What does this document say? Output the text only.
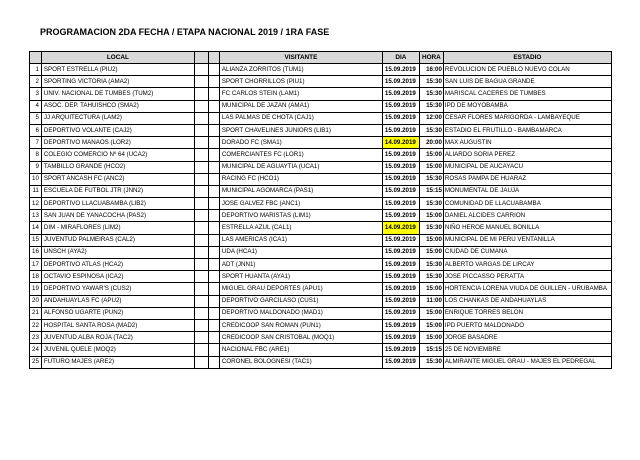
PROGRAMACION 2DA FECHA / ETAPA NACIONAL 2019 / 1RA FASE
	LOCAL			VISITANTE	DIA	HORA	ESTADIO
1	SPORT ESTRELLA (PIU2)			ALIANZA ZORRITOS (TUM1)	15.09.2019	16:00	REVOLUCION DE PUEBLO NUEVO COLAN
2	SPORTING VICTORIA (AMA2)			SPORT CHORRILLOS (PIU1)	15.09.2019	15:30	SAN LUIS DE BAGUA GRANDE
3	UNIV. NACIONAL DE TUMBES (TUM2)			FC CARLOS STEIN (LAM1)	15.09.2019	15:30	MARISCAL CACERES DE TUMBES
4	ASOC. DEP. TAHUISHCO (SMA2)			MUNICIPAL DE JAZAN (AMA1)	15.09.2019	15:30	IPD DE MOYOBAMBA
5	JJ ARQUITECTURA (LAM2)			LAS PALMAS DE CHOTA (CAJ1)	15.09.2019	12:00	CESAR FLORES MARIGORDA - LAMBAYEQUE
6	DEPORTIVO VOLANTE (CAJ2)			SPORT CHAVELINES JUNIORS (LIB1)	15.09.2019	15:30	ESTADIO EL FRUTILLO - BAMBAMARCA
7	DEPORTIVO MANAOS (LOR2)			DORADO FC (SMA1)	14.09.2019	20:00	MAX AUGUSTIN
8	COLEGIO COMERCIO Nº 64 (UCA2)			COMERCIANTES FC (LOR1)	15.09.2019	15:00	ALIARDO SORIA PEREZ
9	TAMBILLO GRANDE (HCO2)			MUNICIPAL DE AGUAYTIA (UCA1)	15.09.2019	15:00	MUNICIPAL DE AUCAYACU
10	SPORT ANCASH FC (ANC2)			RACING FC (HCO1)	15.09.2019	15:30	ROSAS PAMPA DE HUARAZ
11	ESCUELA DE FUTBOL JTR (JNN2)			MUNICIPAL AGOMARCA (PAS1)	15.09.2019	15:15	MONUMENTAL DE JAUJA
12	DEPORTIVO LLACUABAMBA (LIB2)			JOSE GALVEZ FBC (ANC1)	15.09.2019	15:30	COMUNIDAD DE LLACUABAMBA
13	SAN JUAN DE YANACOCHA (PAS2)			DEPORTIVO MARISTAS (LIM1)	15.09.2019	15:00	DANIEL ALCIDES CARRION
14	DIM - MIRAFLORES (LIM2)			ESTRELLA AZUL (CAL1)	14.09.2019	15:30	NIÑO HEROE MANUEL BONILLA
15	JUVENTUD PALMEIRAS (CAL2)			LAS AMERICAS (ICA1)	15.09.2019	15:00	MUNICIPAL DE MI PERU VENTANILLA
16	UNSCH (AYA2)			UDA (HCA1)	15.09.2019	15:00	CIUDAD DE CUMANA
17	DEPORTIVO ATLAS (HCA2)			ADT (JNN1)	15.09.2019	15:30	ALBERTO VARGAS DE LIRCAY
18	OCTAVIO ESPINOSA (ICA2)			SPORT HUANTA (AYA1)	15.09.2019	15:30	JOSE PICCASSO PERATTA
19	DEPORTIVO YAWAR'S (CUS2)			MIGUEL GRAU DEPORTES (APU1)	15.09.2019	15:00	HORTENCIA LORENA VIUDA DE GUILLEN - URUBAMBA
20	ANDAHUAYLAS FC (APU2)			DEPORTIVO GARCILASO (CUS1)	15.09.2019	11:00	LOS CHANKAS DE ANDAHUAYLAS
21	ALFONSO UGARTE (PUN2)			DEPORTIVO MALDONADO (MAD1)	15.09.2019	15:00	ENRIQUE TORRES BELON
22	HOSPITAL SANTA ROSA (MAD2)			CREDICOOP SAN ROMAN (PUN1)	15.09.2019	15:00	IPD PUERTO MALDONADO
23	JUVENTUD ALBA ROJA (TAC2)			CREDICOOP SAN CRISTOBAL (MOQ1)	15.09.2019	15:00	JORGE BASADRE
24	JUVENIL QUELE (MOQ2)			NACIONAL FBC (ARE1)	15.09.2019	15:15	25 DE NOVIEMBRE
25	FUTURO MAJES (ARE2)			CORONEL BOLOGNESI (TAC1)	15.09.2019	15:30	ALMIRANTE MIGUEL GRAU - MAJES EL PEDREGAL
